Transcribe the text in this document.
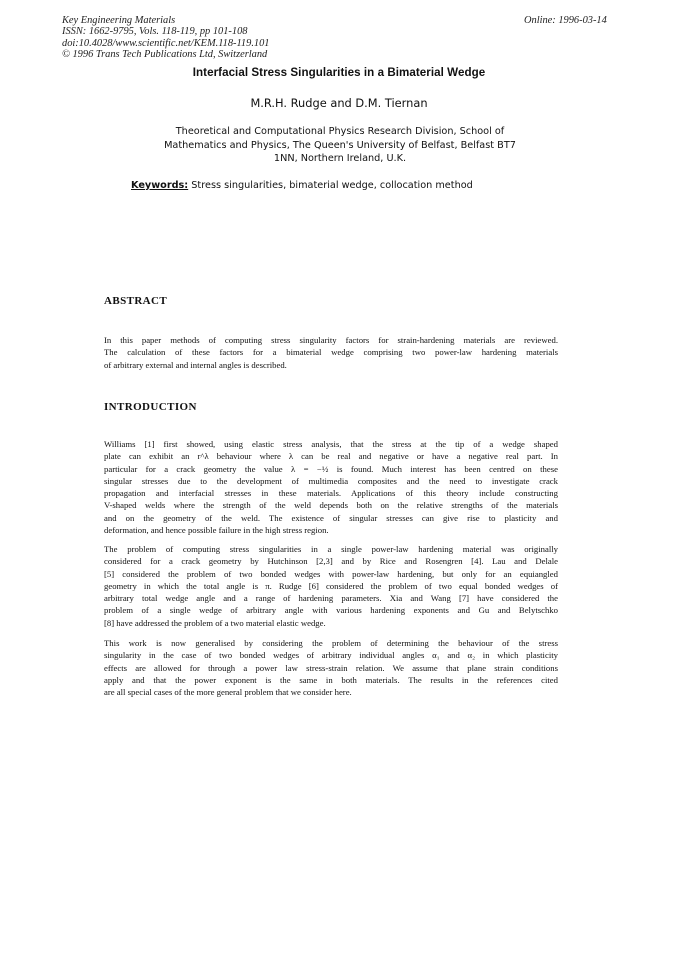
Key Engineering Materials
ISSN: 1662-9795, Vols. 118-119, pp 101-108
doi:10.4028/www.scientific.net/KEM.118-119.101
© 1996 Trans Tech Publications Ltd, Switzerland
Online: 1996-03-14
Interfacial Stress Singularities in a Bimaterial Wedge
M.R.H. Rudge and D.M. Tiernan
Theoretical and Computational Physics Research Division, School of
Mathematics and Physics, The Queen's University of Belfast, Belfast BT7
1NN, Northern Ireland, U.K.
Keywords: Stress singularities, bimaterial wedge, collocation method
ABSTRACT
In this paper methods of computing stress singularity factors for strain-hardening materials are reviewed.
The calculation of these factors for a bimaterial wedge comprising two power-law hardening materials
of arbitrary external and internal angles is described.
INTRODUCTION
Williams [1] first showed, using elastic stress analysis, that the stress at the tip of a wedge shaped
plate can exhibit an r^λ behaviour where λ can be real and negative or have a negative real part. In
particular for a crack geometry the value λ = −½ is found. Much interest has been centred on these
singular stresses due to the development of multimedia composites and the need to investigate crack
propagation and interfacial stresses in these materials. Applications of this theory include constructing
V-shaped welds where the strength of the weld depends both on the relative strengths of the materials
and on the geometry of the weld. The existence of singular stresses can give rise to plasticity and
deformation, and hence possible failure in the high stress region.
The problem of computing stress singularities in a single power-law hardening material was originally
considered for a crack geometry by Hutchinson [2,3] and by Rice and Rosengren [4]. Lau and Delale
[5] considered the problem of two bonded wedges with power-law hardening, but only for an equiangled
geometry in which the total angle is π. Rudge [6] considered the problem of two equal bonded wedges of
arbitrary total wedge angle and a range of hardening parameters. Xia and Wang [7] have considered the
problem of a single wedge of arbitrary angle with various hardening exponents and Gu and Belytschko
[8] have addressed the problem of a two material elastic wedge.
This work is now generalised by considering the problem of determining the behaviour of the stress
singularity in the case of two bonded wedges of arbitrary individual angles α₁ and α₂ in which plasticity
effects are allowed for through a power law stress-strain relation. We assume that plane strain conditions
apply and that the power exponent is the same in both materials. The results in the references cited
are all special cases of the more general problem that we consider here.
